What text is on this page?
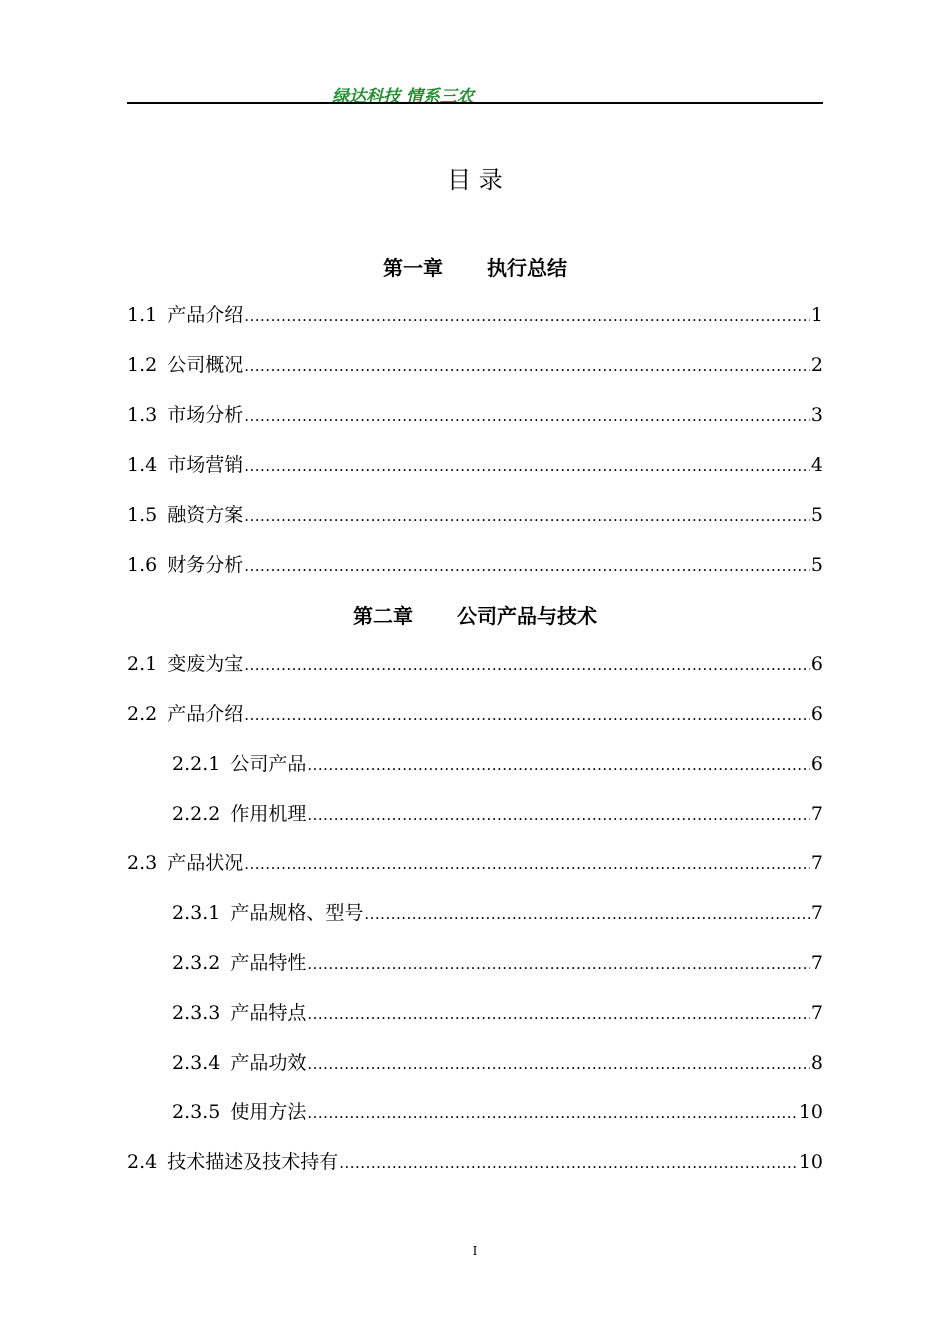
绿达科技 情系三农
目 录
第一章 执行总结
1.1 产品介绍 .....	1
1.2 公司概况 .....	2
1.3 市场分析 .....	3
1.4 市场营销 .....	4
1.5 融资方案 .....	5
1.6 财务分析 .....	5
第二章 公司产品与技术
2.1 变废为宝 .....	6
2.2 产品介绍 .....	6
2.2.1 公司产品 .....	6
2.2.2 作用机理 .....	7
2.3 产品状况 .....	7
2.3.1 产品规格、型号 .....	7
2.3.2 产品特性 .....	7
2.3.3 产品特点 .....	7
2.3.4 产品功效 .....	8
2.3.5 使用方法 .....	10
2.4 技术描述及技术持有 .....	10
I
